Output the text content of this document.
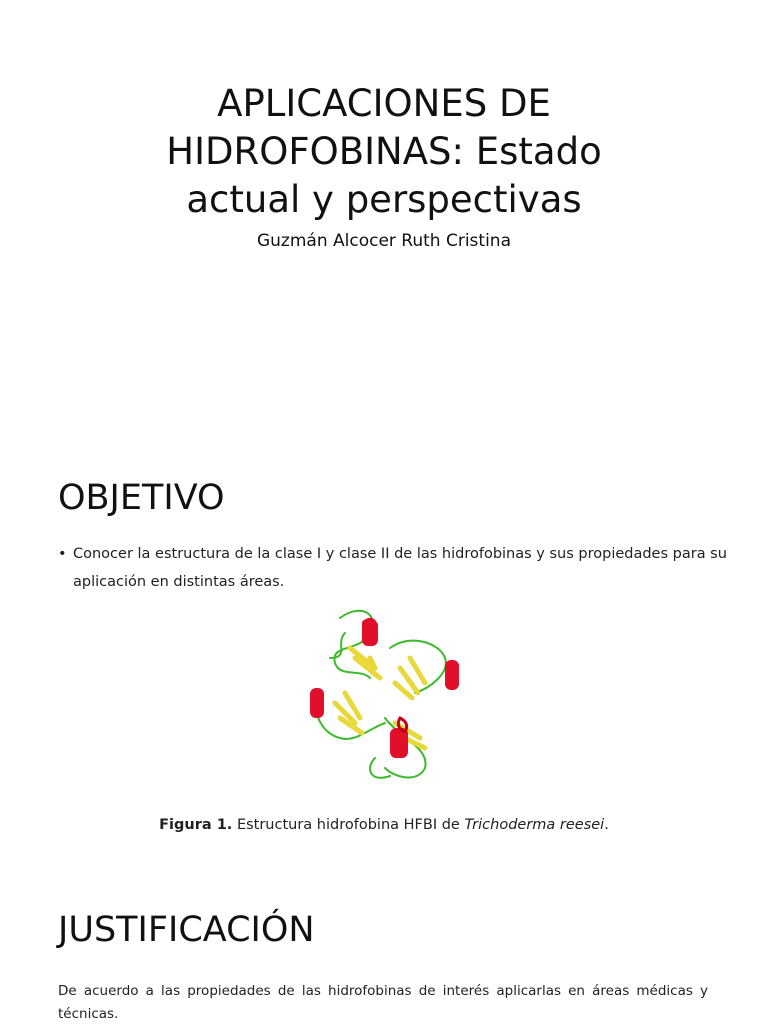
APLICACIONES DE
HIDROFOBINAS: Estado
actual y perspectivas
Guzmán Alcocer Ruth Cristina
OBJETIVO
• Conocer la estructura de la clase I y clase II de las hidrofobinas y sus propiedades para su aplicación en distintas áreas.
Figura 1. Estructura hidrofobina HFBI de Trichoderma reesei.
JUSTIFICACIÓN
De acuerdo a las propiedades de las hidrofobinas de interés aplicarlas en áreas médicas y técnicas.
